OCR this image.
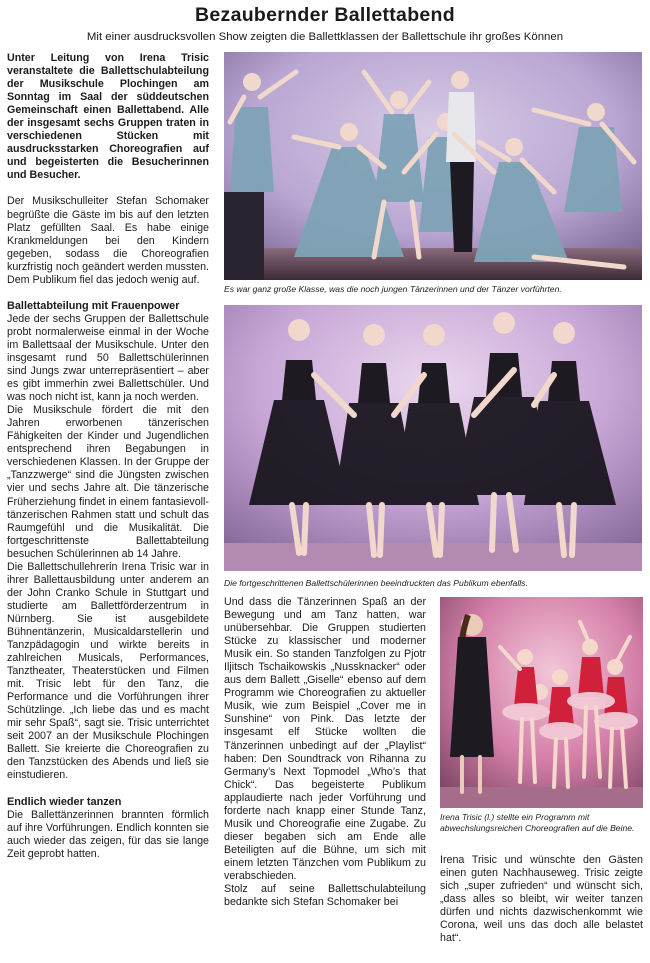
Bezaubernder Ballettabend
Mit einer ausdrucksvollen Show zeigten die Ballettklassen der Ballettschule ihr großes Können

Unter Leitung von Irena Trisic veranstaltete die Ballettschulabteilung der Musikschule Plochingen am Sonntag im Saal der süddeutschen Gemeinschaft einen Ballettabend. Alle der insgesamt sechs Gruppen traten in verschiedenen Stücken mit ausdrucksstarken Choreografien auf und begeisterten die Besucherinnen und Besucher.

Der Musikschulleiter Stefan Schomaker begrüßte die Gäste im bis auf den letzten Platz gefüllten Saal. Es habe einige Krankmeldungen bei den Kindern gegeben, sodass die Choreografien kurzfristig noch geändert werden mussten. Dem Publikum fiel das jedoch wenig auf.

Ballettabteilung mit Frauenpower

Jede der sechs Gruppen der Ballettschule probt normalerweise einmal in der Woche im Ballettsaal der Musikschule. Unter den insgesamt rund 50 Ballettschülerinnen sind Jungs zwar unterrepräsentiert – aber es gibt immerhin zwei Ballettschüler. Und was noch nicht ist, kann ja noch werden.

Die Musikschule fördert die mit den Jahren erworbenen tänzerischen Fähigkeiten der Kinder und Jugendlichen entsprechend ihren Begabungen in verschiedenen Klassen. In der Gruppe der „Tanzzwerge“ sind die Jüngsten zwischen vier und sechs Jahre alt. Die tänzerische Früherziehung findet in einem fantasievoll-tänzerischen Rahmen statt und schult das Raumgefühl und die Musikalität. Die fortgeschrittenste Ballettabteilung besuchen Schülerinnen ab 14 Jahre.

Die Ballettschullehrerin Irena Trisic war in ihrer Ballettausbildung unter anderem an der John Cranko Schule in Stuttgart und studierte am Ballettförderzentrum in Nürnberg. Sie ist ausgebildete Bühnentänzerin, Musicaldarstellerin und Tanzpädagogin und wirkte bereits in zahlreichen Musicals, Performances, Tanztheater, Theaterstücken und Filmen mit. Trisic lebt für den Tanz, die Performance und die Vorführungen ihrer Schützlinge. „Ich liebe das und es macht mir sehr Spaß“, sagt sie. Trisic unterrichtet seit 2007 an der Musikschule Plochingen Ballett. Sie kreierte die Choreografien zu den Tanzstücken des Abends und ließ sie einstudieren.

Endlich wieder tanzen

Die Ballettänzerinnen brannten förmlich auf ihre Vorführungen. Endlich konnten sie auch wieder das zeigen, für das sie lange Zeit geprobt hatten.

Es war ganz große Klasse, was die noch jungen Tänzerinnen und der Tänzer vorführten.
Die fortgeschrittenen Ballettschülerinnen beeindruckten das Publikum ebenfalls.

Und dass die Tänzerinnen Spaß an der Bewegung und am Tanz hatten, war unübersehbar. Die Gruppen studierten Stücke zu klassischer und moderner Musik ein. So standen Tanzfolgen zu Pjotr Iljitsch Tschaikowskis „Nussknacker“ oder aus dem Ballett „Giselle“ ebenso auf dem Programm wie Choreografien zu aktueller Musik, wie zum Beispiel „Cover me in Sunshine“ von Pink. Das letzte der insgesamt elf Stücke wollten die Tänzerinnen unbedingt auf der „Playlist“ haben: Den Soundtrack von Rihanna zu Germany’s Next Topmodel „Who’s that Chick“. Das begeisterte Publikum applaudierte nach jeder Vorführung und forderte nach knapp einer Stunde Tanz, Musik und Choreografie eine Zugabe. Zu dieser begaben sich am Ende alle Beteiligten auf die Bühne, um sich mit einem letzten Tänzchen vom Publikum zu verabschieden.

Stolz auf seine Ballettschulabteilung bedankte sich Stefan Schomaker bei

Irena Trisic (l.) stellte ein Programm mit abwechslungsreichen Choreografien auf die Beine.

Irena Trisic und wünschte den Gästen einen guten Nachhauseweg. Trisic zeigte sich „super zufrieden“ und wünscht sich, „dass alles so bleibt, wir weiter tanzen dürfen und nichts dazwischenkommt wie Corona, weil uns das doch alle belastet hat“.
